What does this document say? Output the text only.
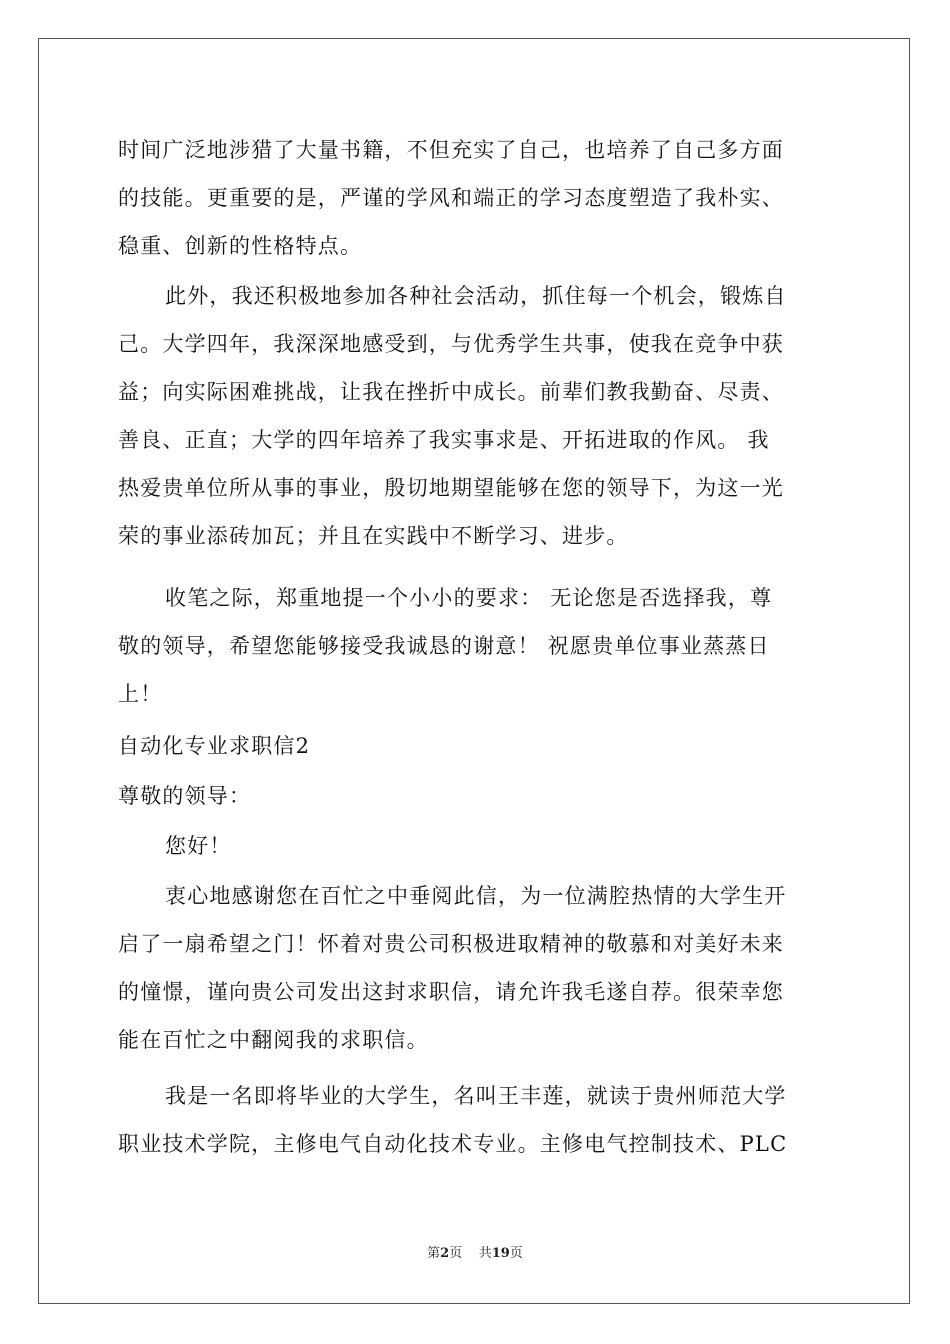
时间广泛地涉猎了大量书籍，不但充实了自己，也培养了自己多方面
的技能。更重要的是，严谨的学风和端正的学习态度塑造了我朴实、
稳重、创新的性格特点。
此外，我还积极地参加各种社会活动，抓住每一个机会，锻炼自
己。大学四年，我深深地感受到，与优秀学生共事，使我在竞争中获
益；向实际困难挑战，让我在挫折中成长。前辈们教我勤奋、尽责、
善良、正直；大学的四年培养了我实事求是、开拓进取的作风。 我
热爱贵单位所从事的事业，殷切地期望能够在您的领导下，为这一光
荣的事业添砖加瓦；并且在实践中不断学习、进步。
收笔之际，郑重地提一个小小的要求： 无论您是否选择我，尊
敬的领导，希望您能够接受我诚恳的谢意！ 祝愿贵单位事业蒸蒸日
上！
自动化专业求职信2
尊敬的领导：
您好！
衷心地感谢您在百忙之中垂阅此信，为一位满腔热情的大学生开
启了一扇希望之门！怀着对贵公司积极进取精神的敬慕和对美好未来
的憧憬，谨向贵公司发出这封求职信，请允许我毛遂自荐。很荣幸您
能在百忙之中翻阅我的求职信。
我是一名即将毕业的大学生，名叫王丰莲，就读于贵州师范大学
职业技术学院，主修电气自动化技术专业。主修电气控制技术、PLC
第2页 共19页
